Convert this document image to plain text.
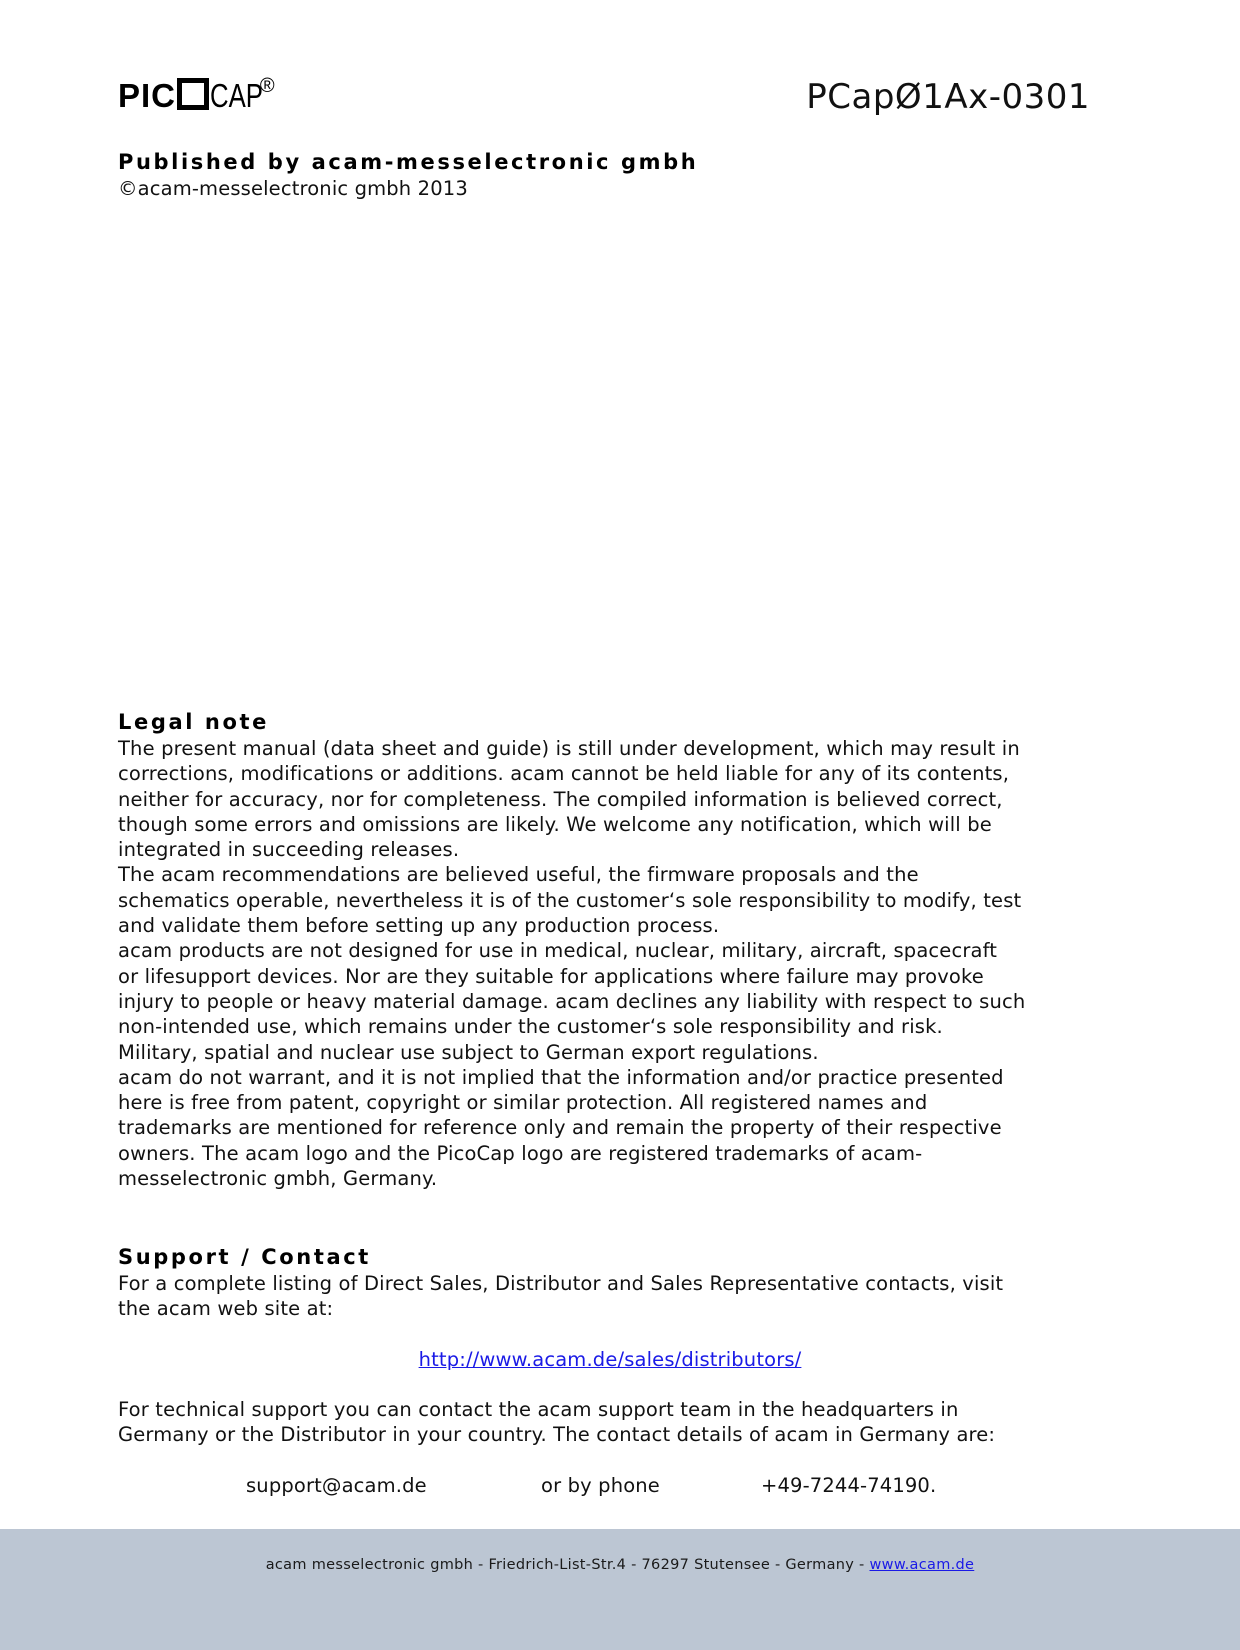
PIC	CAP
®	PCapØ1Ax-0301
Published by acam-messelectronic gmbh
©acam-messelectronic gmbh 2013
Legal note
The present manual (data sheet and guide) is still under development, which may result in
corrections, modifications or additions. acam cannot be held liable for any of its contents,
neither for accuracy, nor for completeness. The compiled information is believed correct,
though some errors and omissions are likely. We welcome any notification, which will be
integrated in succeeding releases.
The acam recommendations are believed useful, the firmware proposals and the
schematics operable, nevertheless it is of the customer‘s sole responsibility to modify, test
and validate them before setting up any production process.
acam products are not designed for use in medical, nuclear, military, aircraft, spacecraft
or lifesupport devices. Nor are they suitable for applications where failure may provoke
injury to people or heavy material damage. acam declines any liability with respect to such
non-intended use, which remains under the customer‘s sole responsibility and risk.
Military, spatial and nuclear use subject to German export regulations.
acam do not warrant, and it is not implied that the information and/or practice presented
here is free from patent, copyright or similar protection. All registered names and
trademarks are mentioned for reference only and remain the property of their respective
owners. The acam logo and the PicoCap logo are registered trademarks of acam-
messelectronic gmbh, Germany.
Support / Contact
For a complete listing of Direct Sales, Distributor and Sales Representative contacts, visit
the acam web site at:
http://www.acam.de/sales/distributors/
For technical support you can contact the acam support team in the headquarters in
Germany or the Distributor in your country. The contact details of acam in Germany are:
support@acam.de	or by phone	+49-7244-74190.
acam messelectronic gmbh - Friedrich-List-Str.4 - 76297 Stutensee - Germany - www.acam.de
